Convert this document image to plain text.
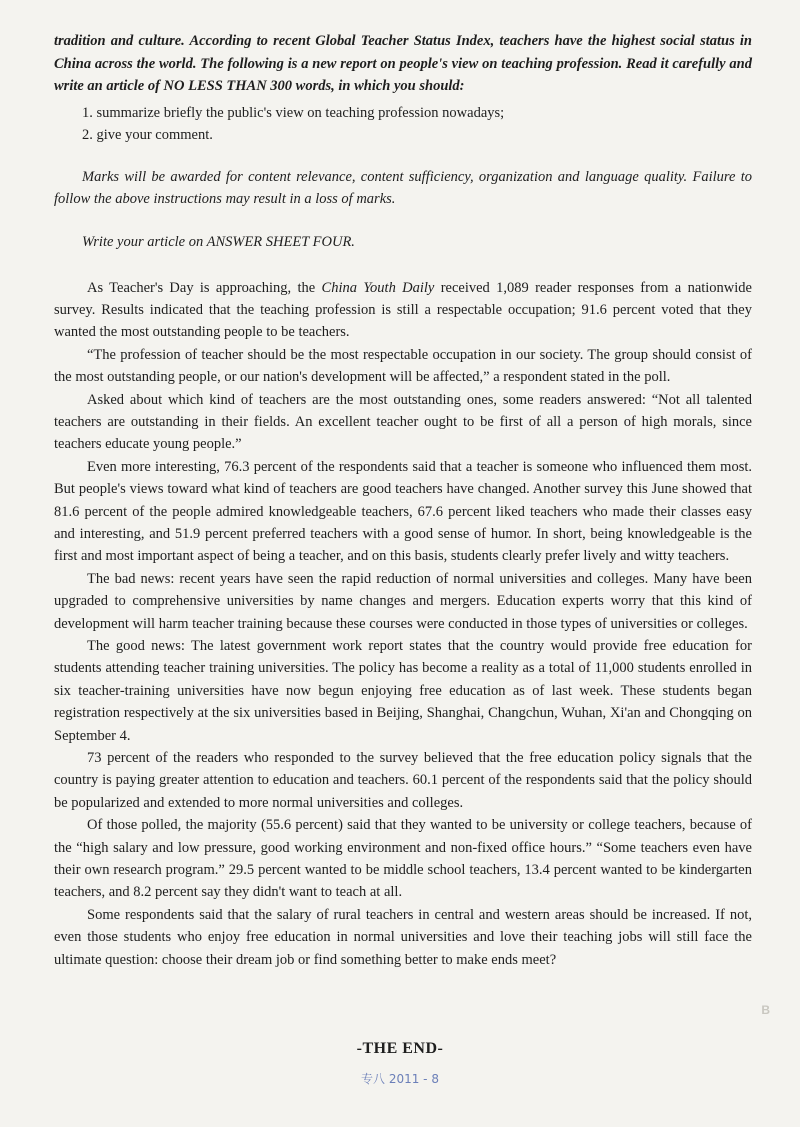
tradition and culture. According to recent Global Teacher Status Index, teachers have the highest social status in China across the world. The following is a new report on people's view on teaching profession. Read it carefully and write an article of NO LESS THAN 300 words, in which you should:

1. summarize briefly the public's view on teaching profession nowadays;
2. give your comment.

Marks will be awarded for content relevance, content sufficiency, organization and language quality. Failure to follow the above instructions may result in a loss of marks.

Write your article on ANSWER SHEET FOUR.

As Teacher's Day is approaching, the China Youth Daily received 1,089 reader responses from a nationwide survey. Results indicated that the teaching profession is still a respectable occupation; 91.6 percent voted that they wanted the most outstanding people to be teachers.

“The profession of teacher should be the most respectable occupation in our society. The group should consist of the most outstanding people, or our nation's development will be affected,” a respondent stated in the poll.

Asked about which kind of teachers are the most outstanding ones, some readers answered: “Not all talented teachers are outstanding in their fields. An excellent teacher ought to be first of all a person of high morals, since teachers educate young people.”

Even more interesting, 76.3 percent of the respondents said that a teacher is someone who influenced them most. But people's views toward what kind of teachers are good teachers have changed. Another survey this June showed that 81.6 percent of the people admired knowledgeable teachers, 67.6 percent liked teachers who made their classes easy and interesting, and 51.9 percent preferred teachers with a good sense of humor. In short, being knowledgeable is the first and most important aspect of being a teacher, and on this basis, students clearly prefer lively and witty teachers.

The bad news: recent years have seen the rapid reduction of normal universities and colleges. Many have been upgraded to comprehensive universities by name changes and mergers. Education experts worry that this kind of development will harm teacher training because these courses were conducted in those types of universities or colleges.

The good news: The latest government work report states that the country would provide free education for students attending teacher training universities. The policy has become a reality as a total of 11,000 students enrolled in six teacher-training universities have now begun enjoying free education as of last week. These students began registration respectively at the six universities based in Beijing, Shanghai, Changchun, Wuhan, Xi'an and Chongqing on September 4.

73 percent of the readers who responded to the survey believed that the free education policy signals that the country is paying greater attention to education and teachers. 60.1 percent of the respondents said that the policy should be popularized and extended to more normal universities and colleges.

Of those polled, the majority (55.6 percent) said that they wanted to be university or college teachers, because of the “high salary and low pressure, good working environment and non-fixed office hours.” “Some teachers even have their own research program.” 29.5 percent wanted to be middle school teachers, 13.4 percent wanted to be kindergarten teachers, and 8.2 percent say they didn't want to teach at all.

Some respondents said that the salary of rural teachers in central and western areas should be increased. If not, even those students who enjoy free education in normal universities and love their teaching jobs will still face the ultimate question: choose their dream job or find something better to make ends meet?

-THE END-
专八 2011 - 8
B
